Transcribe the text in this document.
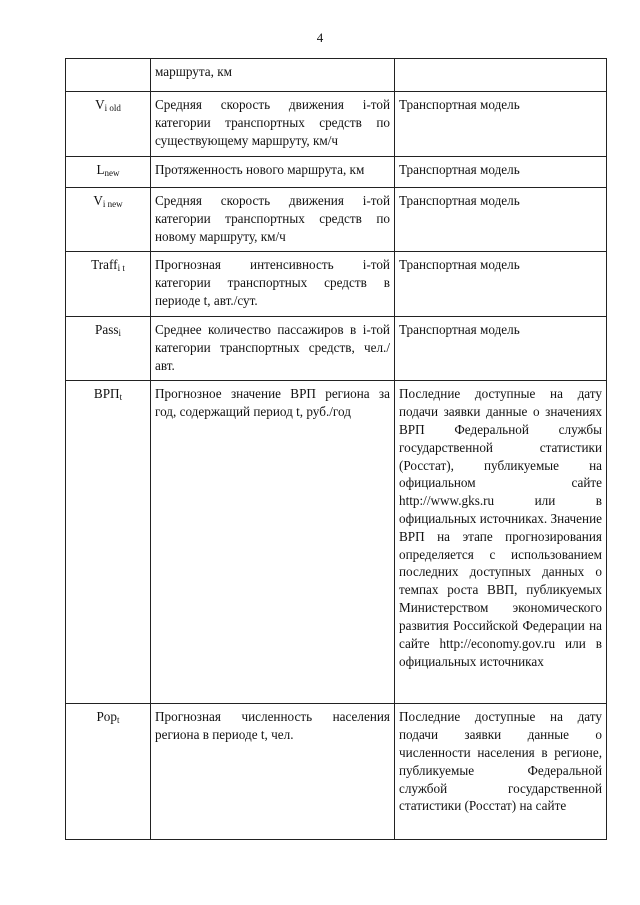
4
	маршрута, км	
$V_{i old}$	Средняя скорость движения i-той категории транспортных средств по существующему маршруту, км/ч	Транспортная модель
$L_{new}$	Протяженность нового маршрута, км	Транспортная модель
$V_{i new}$	Средняя скорость движения i-той категории транспортных средств по новому маршруту, км/ч	Транспортная модель
Traff$_{i t}$	Прогнозная интенсивность i-той категории транспортных средств в периоде t, авт./сут.	Транспортная модель
Pass$_i$	Среднее количество пассажиров в i-той категории транспортных средств, чел./авт.	Транспортная модель
$ВРП_t$	Прогнозное значение ВРП региона за год, содержащий период t, руб./год	Последние доступные на дату подачи заявки данные о значениях ВРП Федеральной службы государственной статистики (Росстат), публикуемые на официальном сайте http://www.gks.ru или в официальных источниках. Значение ВРП на этапе прогнозирования определяется с использованием последних доступных данных о темпах роста ВВП, публикуемых Министерством экономического развития Российской Федерации на сайте http://economy.gov.ru или в официальных источниках
Pop$_t$	Прогнозная численность населения региона в периоде t, чел.	Последние доступные на дату подачи заявки данные о численности населения в регионе, публикуемые Федеральной службой государственной статистики (Росстат) на сайте
